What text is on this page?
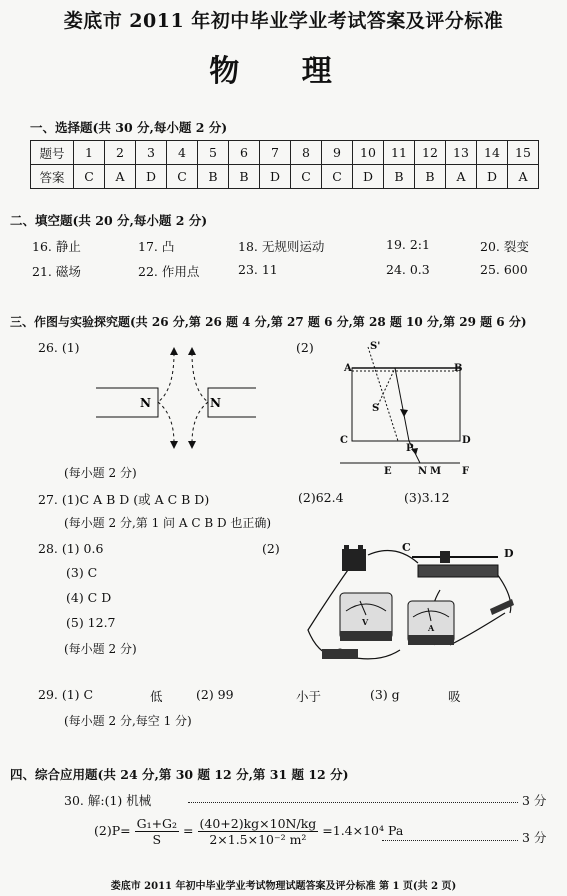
娄底市 2011 年初中毕业学业考试答案及评分标准
物 理
一、选择题(共 30 分,每小题 2 分)
题号	1	2	3	4	5	6	7	8	9	10	11	12	13	14	15
答案	C	A	D	C	B	B	D	C	C	D	B	B	A	D	A
二、填空题(共 20 分,每小题 2 分)
16. 静止	17. 凸	18. 无规则运动	19. 2:1	20. 裂变
21. 磁场	22. 作用点	23. 11	24. 0.3	25. 600
三、作图与实验探究题(共 26 分,第 26 题 4 分,第 27 题 6 分,第 28 题 10 分,第 29 题 6 分)
26. (1)	(2)
N	N
S'
A	B
S
C	D
P
E	N M F
(每小题 2 分)
27. (1)C A B D (或 A C B D)	(2)62.4	(3)3.12
(每小题 2 分,第 1 问 A C B D 也正确)
28. (1) 0.6	(2)
(3) C
(4) C D
(5) 12.7
(每小题 2 分)
C	D
V
A
29. (1) C	低	(2) 99	小于	(3) g	吸
(每小题 2 分,每空 1 分)
四、综合应用题(共 24 分,第 30 题 12 分,第 31 题 12 分)
30. 解:(1) 机械	3 分
$(2)P= \frac{\text{G₁+G₂}}{S} = \frac{(40+2)kg\times 10N/kg}{\text{2×1.5×10⁻² m²}} =1.4\times 10^4$ Pa	3 分
娄底市 2011 年初中毕业学业考试物理试题答案及评分标准 第 1 页(共 2 页)
